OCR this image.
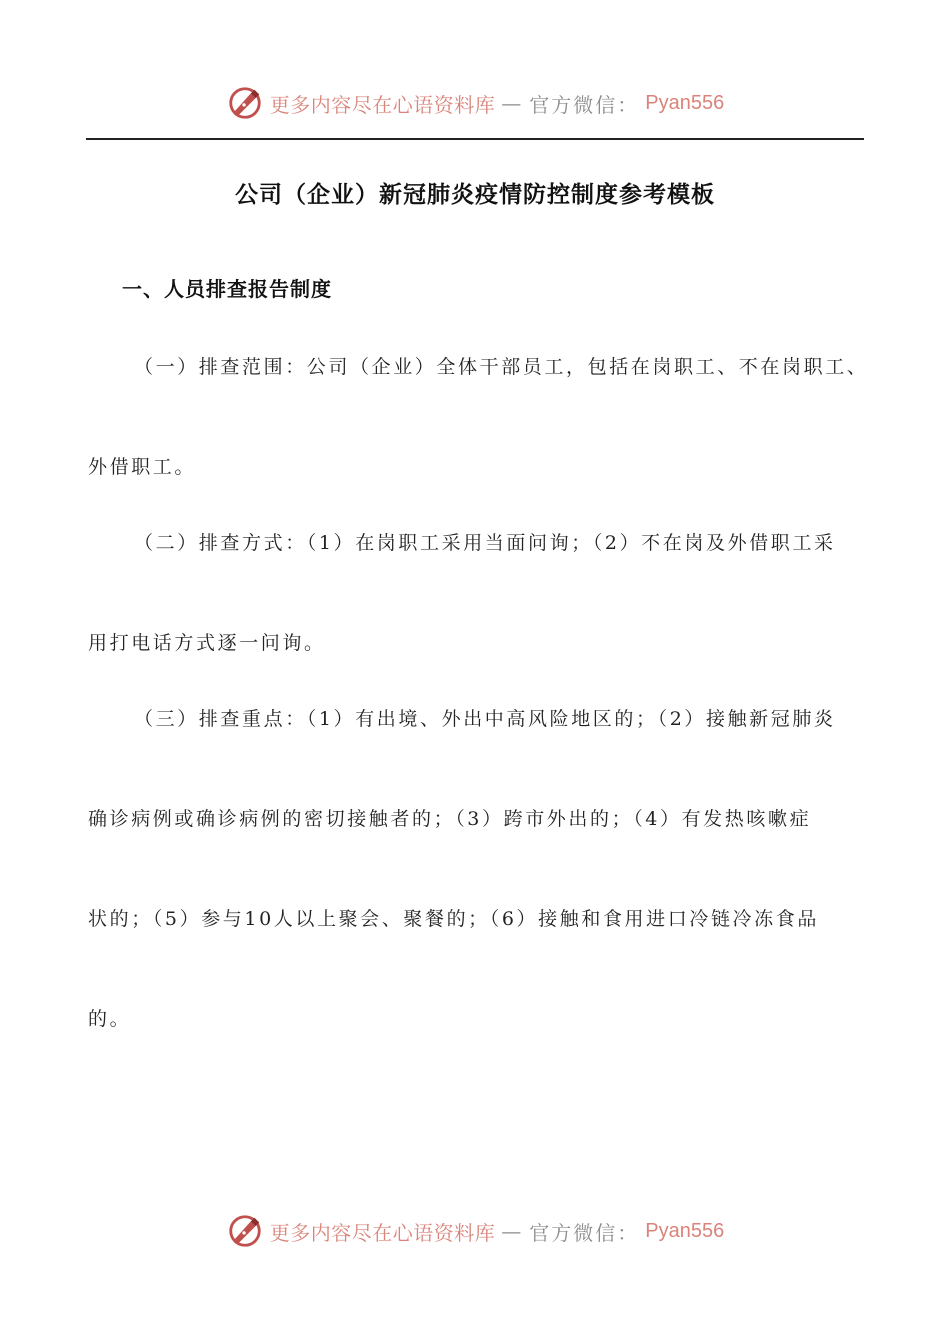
更多内容尽在心语资料库 — 官方微信： Pyan556
公司（企业）新冠肺炎疫情防控制度参考模板
一、人员排查报告制度
（一）排查范围：公司（企业）全体干部员工，包括在岗职工、不在岗职工、
外借职工。
（二）排查方式：（1）在岗职工采用当面问询；（2）不在岗及外借职工采
用打电话方式逐一问询。
（三）排查重点：（1）有出境、外出中高风险地区的；（2）接触新冠肺炎
确诊病例或确诊病例的密切接触者的；（3）跨市外出的；（4）有发热咳嗽症
状的；（5）参与10人以上聚会、聚餐的；（6）接触和食用进口冷链冷冻食品
的。
更多内容尽在心语资料库 — 官方微信： Pyan556
